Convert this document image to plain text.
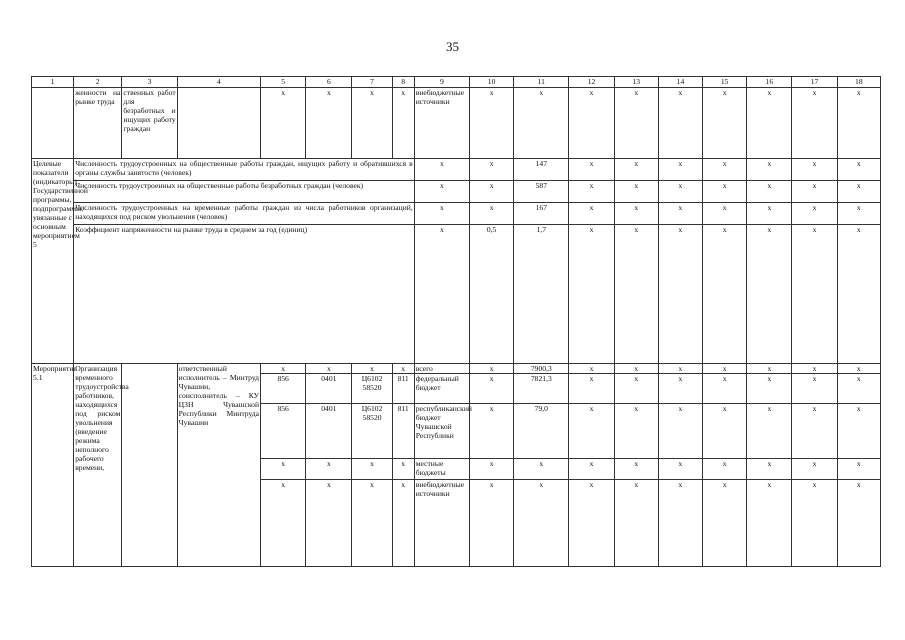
35
1	2	3	4	5	6	7	8	9	10	11	12	13	14	15	16	17	18
	женности на рынке труда	ственных работ для безработных и ищущих работу граждан		х	х	х	х	внебюджетные источники	х	х	х	х	х	х	х	х	х
Целевые показатели (индикаторы) Государственной программы, подпрограммы, увязанные с основным мероприятием 5	Численность трудоустроенных на общественные работы граждан, ищущих работу и обратившихся в органы службы занятости (человек)							х	х	147	х	х	х	х	х	х	х
	Численность трудоустроенных на общественные работы безработных граждан (человек)							х	х	587	х	х	х	х	х	х	х
	Численность трудоустроенных на временные работы граждан из числа работников организаций, находящихся под риском увольнения (человек)							х	х	167	х	х	х	х	х	х	х
	Коэффициент напряженности на рынке труда в среднем за год (единиц)							х	0,5	1,7	х	х	х	х	х	х	х
Мероприятие 5.1	Организация временного трудоустройства работников, находящихся под риском увольнения (введение режима неполного рабочего времени,		ответственный исполнитель – Минтруд Чувашии, соисполнитель – КУ ЦЗН Чувашской Республики Минтруда Чувашии	х	х	х	х	всего	х	7900,3	х	х	х	х	х	х	х
				856	0401	Ц6102 58520	811	федеральный бюджет	х	7821,3	х	х	х	х	х	х	х
				856	0401	Ц6102 58520	811	республиканский бюджет Чувашской Республики	х	79,0	х	х	х	х	х	х	х
				х	х	х	х	местные бюджеты	х	х	х	х	х	х	х	х	х
				х	х	х	х	внебюджетные источники	х	х	х	х	х	х	х	х	х
